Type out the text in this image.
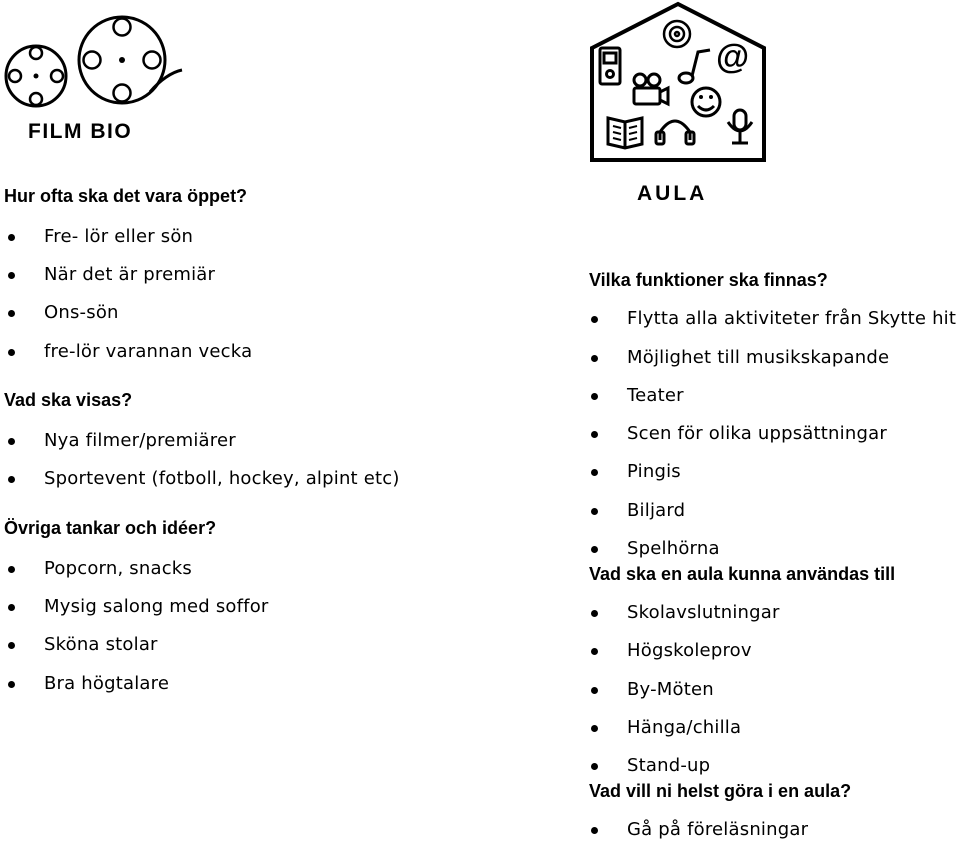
FILM BIO
@
AULA
Hur ofta ska det vara öppet?
Fre- lör eller sön
När det är premiär
Ons-sön
fre-lör varannan vecka
Vad ska visas?
Nya filmer/premiärer
Sportevent (fotboll, hockey, alpint etc)
Övriga tankar och idéer?
Popcorn, snacks
Mysig salong med soffor
Sköna stolar
Bra högtalare
Vilka funktioner ska finnas?
Flytta alla aktiviteter från Skytte hit
Möjlighet till musikskapande
Teater
Scen för olika uppsättningar
Pingis
Biljard
Spelhörna
Vad ska en aula kunna användas till
Skolavslutningar
Högskoleprov
By-Möten
Hänga/chilla
Stand-up
Vad vill ni helst göra i en aula?
Gå på föreläsningar
